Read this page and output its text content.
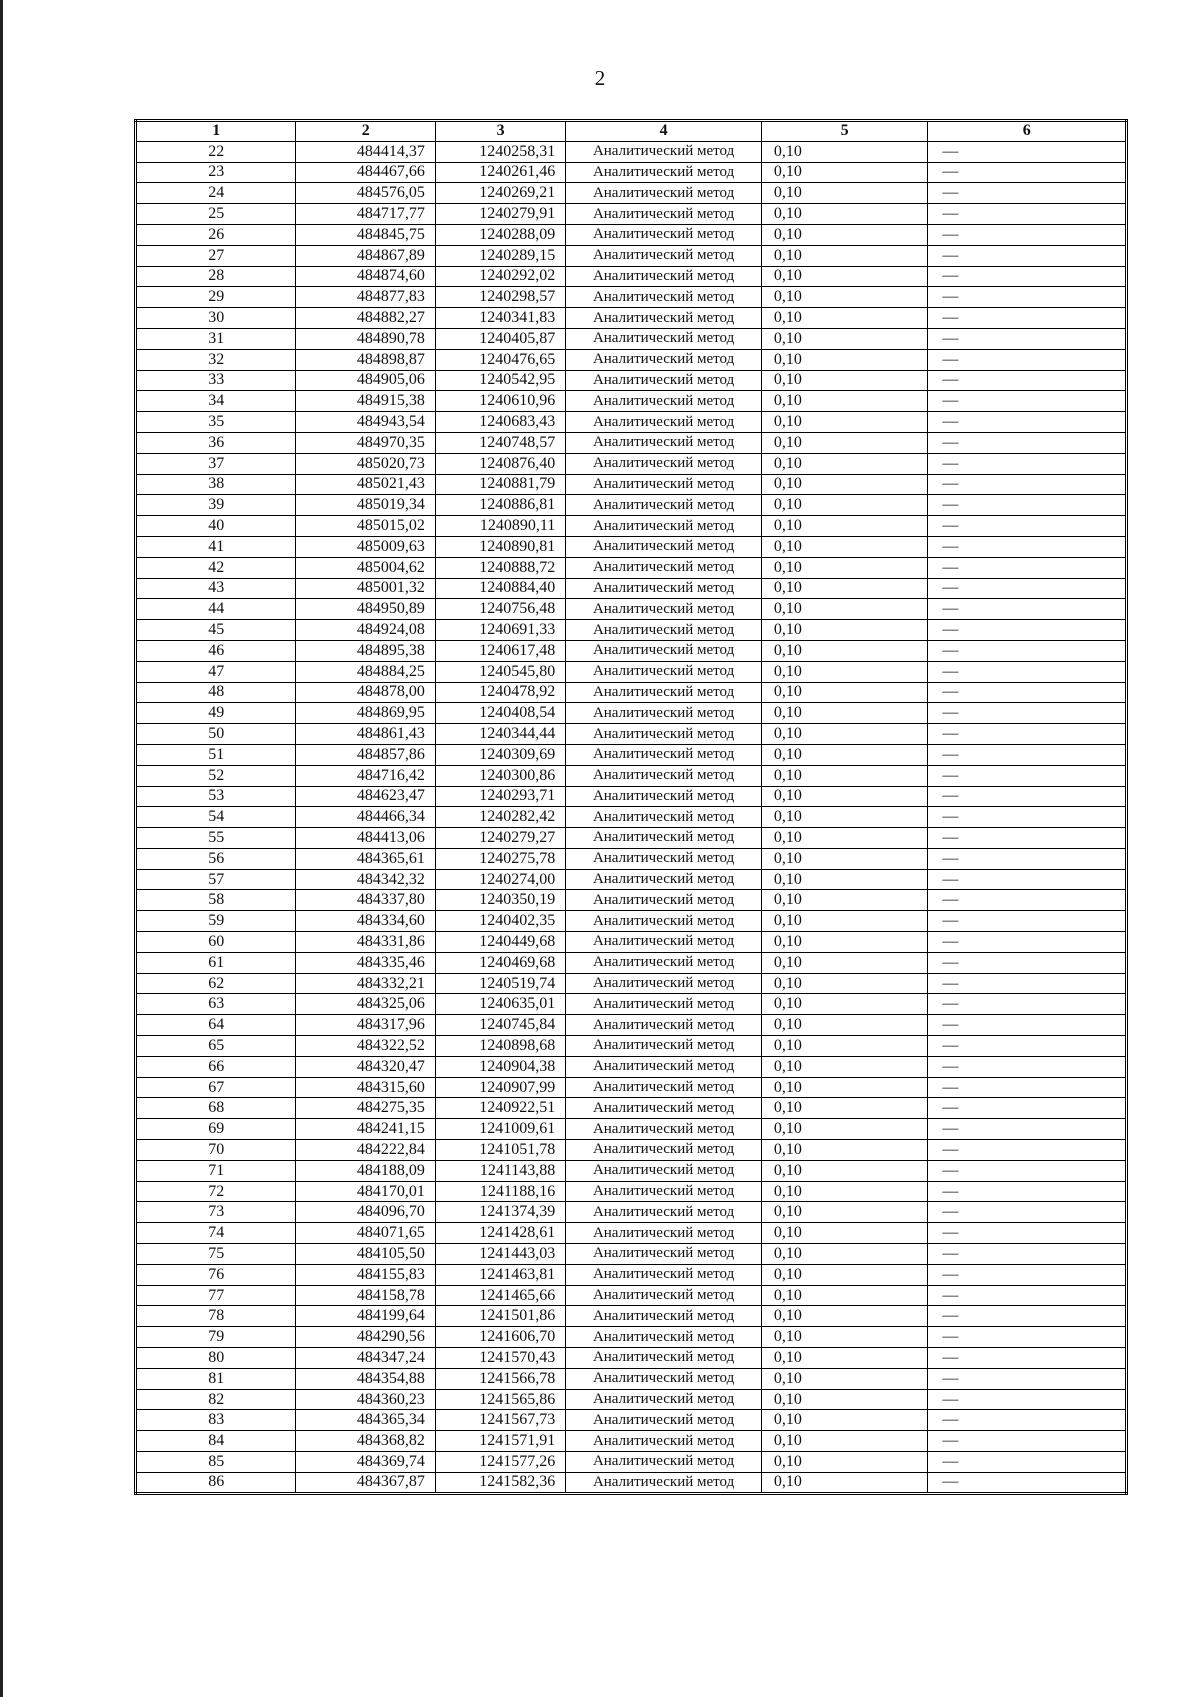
2
1	2	3	4	5	6
22	484414,37	1240258,31	Аналитический метод	0,10	—
23	484467,66	1240261,46	Аналитический метод	0,10	—
24	484576,05	1240269,21	Аналитический метод	0,10	—
25	484717,77	1240279,91	Аналитический метод	0,10	—
26	484845,75	1240288,09	Аналитический метод	0,10	—
27	484867,89	1240289,15	Аналитический метод	0,10	—
28	484874,60	1240292,02	Аналитический метод	0,10	—
29	484877,83	1240298,57	Аналитический метод	0,10	—
30	484882,27	1240341,83	Аналитический метод	0,10	—
31	484890,78	1240405,87	Аналитический метод	0,10	—
32	484898,87	1240476,65	Аналитический метод	0,10	—
33	484905,06	1240542,95	Аналитический метод	0,10	—
34	484915,38	1240610,96	Аналитический метод	0,10	—
35	484943,54	1240683,43	Аналитический метод	0,10	—
36	484970,35	1240748,57	Аналитический метод	0,10	—
37	485020,73	1240876,40	Аналитический метод	0,10	—
38	485021,43	1240881,79	Аналитический метод	0,10	—
39	485019,34	1240886,81	Аналитический метод	0,10	—
40	485015,02	1240890,11	Аналитический метод	0,10	—
41	485009,63	1240890,81	Аналитический метод	0,10	—
42	485004,62	1240888,72	Аналитический метод	0,10	—
43	485001,32	1240884,40	Аналитический метод	0,10	—
44	484950,89	1240756,48	Аналитический метод	0,10	—
45	484924,08	1240691,33	Аналитический метод	0,10	—
46	484895,38	1240617,48	Аналитический метод	0,10	—
47	484884,25	1240545,80	Аналитический метод	0,10	—
48	484878,00	1240478,92	Аналитический метод	0,10	—
49	484869,95	1240408,54	Аналитический метод	0,10	—
50	484861,43	1240344,44	Аналитический метод	0,10	—
51	484857,86	1240309,69	Аналитический метод	0,10	—
52	484716,42	1240300,86	Аналитический метод	0,10	—
53	484623,47	1240293,71	Аналитический метод	0,10	—
54	484466,34	1240282,42	Аналитический метод	0,10	—
55	484413,06	1240279,27	Аналитический метод	0,10	—
56	484365,61	1240275,78	Аналитический метод	0,10	—
57	484342,32	1240274,00	Аналитический метод	0,10	—
58	484337,80	1240350,19	Аналитический метод	0,10	—
59	484334,60	1240402,35	Аналитический метод	0,10	—
60	484331,86	1240449,68	Аналитический метод	0,10	—
61	484335,46	1240469,68	Аналитический метод	0,10	—
62	484332,21	1240519,74	Аналитический метод	0,10	—
63	484325,06	1240635,01	Аналитический метод	0,10	—
64	484317,96	1240745,84	Аналитический метод	0,10	—
65	484322,52	1240898,68	Аналитический метод	0,10	—
66	484320,47	1240904,38	Аналитический метод	0,10	—
67	484315,60	1240907,99	Аналитический метод	0,10	—
68	484275,35	1240922,51	Аналитический метод	0,10	—
69	484241,15	1241009,61	Аналитический метод	0,10	—
70	484222,84	1241051,78	Аналитический метод	0,10	—
71	484188,09	1241143,88	Аналитический метод	0,10	—
72	484170,01	1241188,16	Аналитический метод	0,10	—
73	484096,70	1241374,39	Аналитический метод	0,10	—
74	484071,65	1241428,61	Аналитический метод	0,10	—
75	484105,50	1241443,03	Аналитический метод	0,10	—
76	484155,83	1241463,81	Аналитический метод	0,10	—
77	484158,78	1241465,66	Аналитический метод	0,10	—
78	484199,64	1241501,86	Аналитический метод	0,10	—
79	484290,56	1241606,70	Аналитический метод	0,10	—
80	484347,24	1241570,43	Аналитический метод	0,10	—
81	484354,88	1241566,78	Аналитический метод	0,10	—
82	484360,23	1241565,86	Аналитический метод	0,10	—
83	484365,34	1241567,73	Аналитический метод	0,10	—
84	484368,82	1241571,91	Аналитический метод	0,10	—
85	484369,74	1241577,26	Аналитический метод	0,10	—
86	484367,87	1241582,36	Аналитический метод	0,10	—
